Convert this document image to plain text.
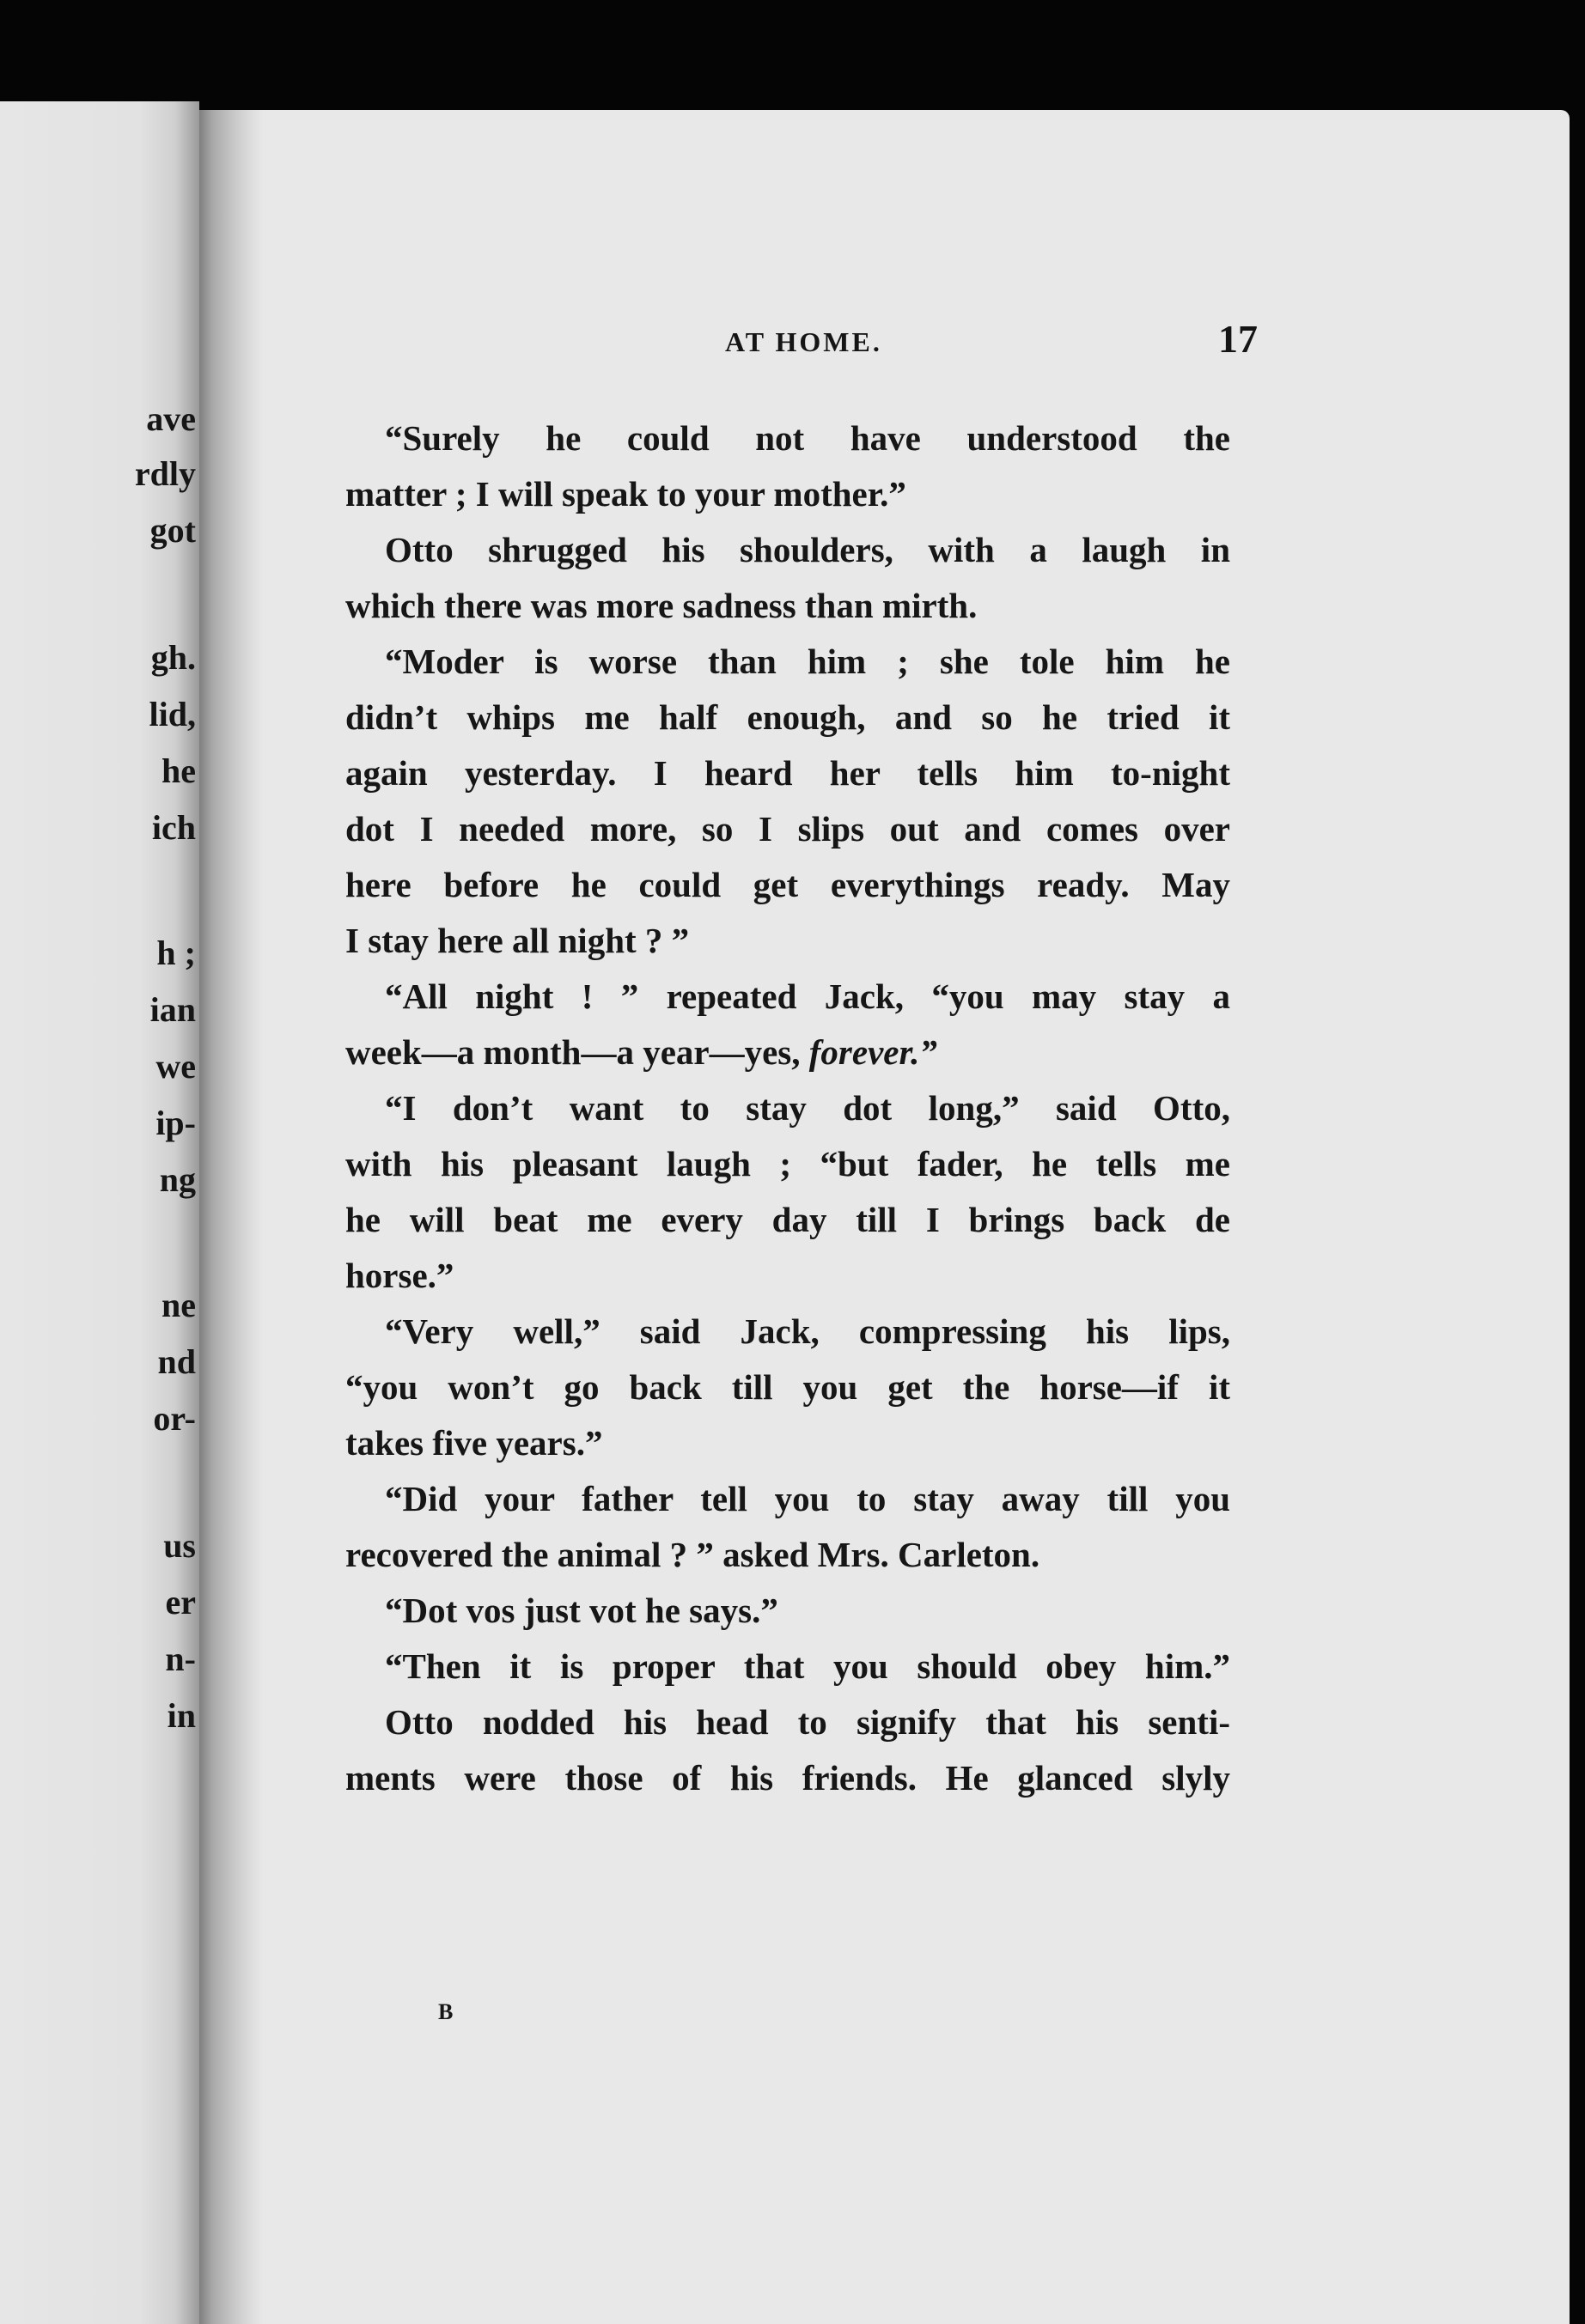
ave

rdly

got

gh.

lid,

he

ich

h ;

ian

we

ip-

ng

ne

nd

or-

us

er

n-

in

AT HOME.	17

“Surely he could not have understood the

matter ; I will speak to your mother.”

Otto shrugged his shoulders, with a laugh in

which there was more sadness than mirth.

“Moder is worse than him ; she tole him he

didn’t whips me half enough, and so he tried it

again yesterday. I heard her tells him to-night

dot I needed more, so I slips out and comes over

here before he could get everythings ready. May

I stay here all night ? ”

“All night ! ” repeated Jack, “you may stay a

week—a month—a year—yes, forever.”

“I don’t want to stay dot long,” said Otto,

with his pleasant laugh ; “but fader, he tells me

he will beat me every day till I brings back de

horse.”

“Very well,” said Jack, compressing his lips,

“you won’t go back till you get the horse—if it

takes five years.”

“Did your father tell you to stay away till you

recovered the animal ? ” asked Mrs. Carleton.

“Dot vos just vot he says.”

“Then it is proper that you should obey him.”

Otto nodded his head to signify that his senti-

ments were those of his friends. He glanced slyly

B
